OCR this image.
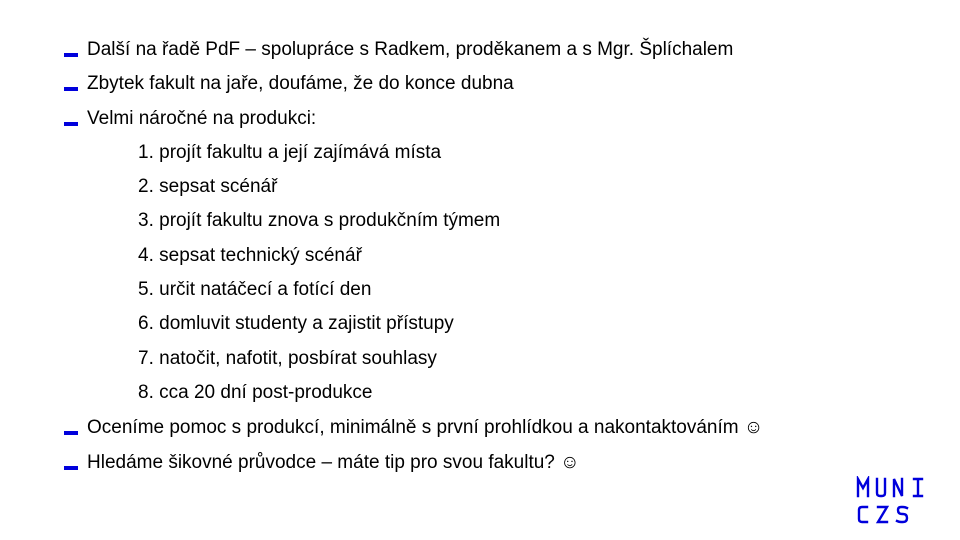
Další na řadě PdF – spolupráce s Radkem, proděkanem a s Mgr. Šplíchalem
Zbytek fakult na jaře, doufáme, že do konce dubna
Velmi náročné na produkci:
1. projít fakultu a její zajímává místa
2. sepsat scénář
3. projít fakultu znova s produkčním týmem
4. sepsat technický scénář
5. určit natáčecí a fotící den
6. domluvit studenty a zajistit přístupy
7. natočit, nafotit, posbírat souhlasy
8. cca 20 dní post-produkce
Oceníme pomoc s produkcí, minimálně s první prohlídkou a nakontaktováním ☺
Hledáme šikovné průvodce – máte tip pro svou fakultu? ☺
